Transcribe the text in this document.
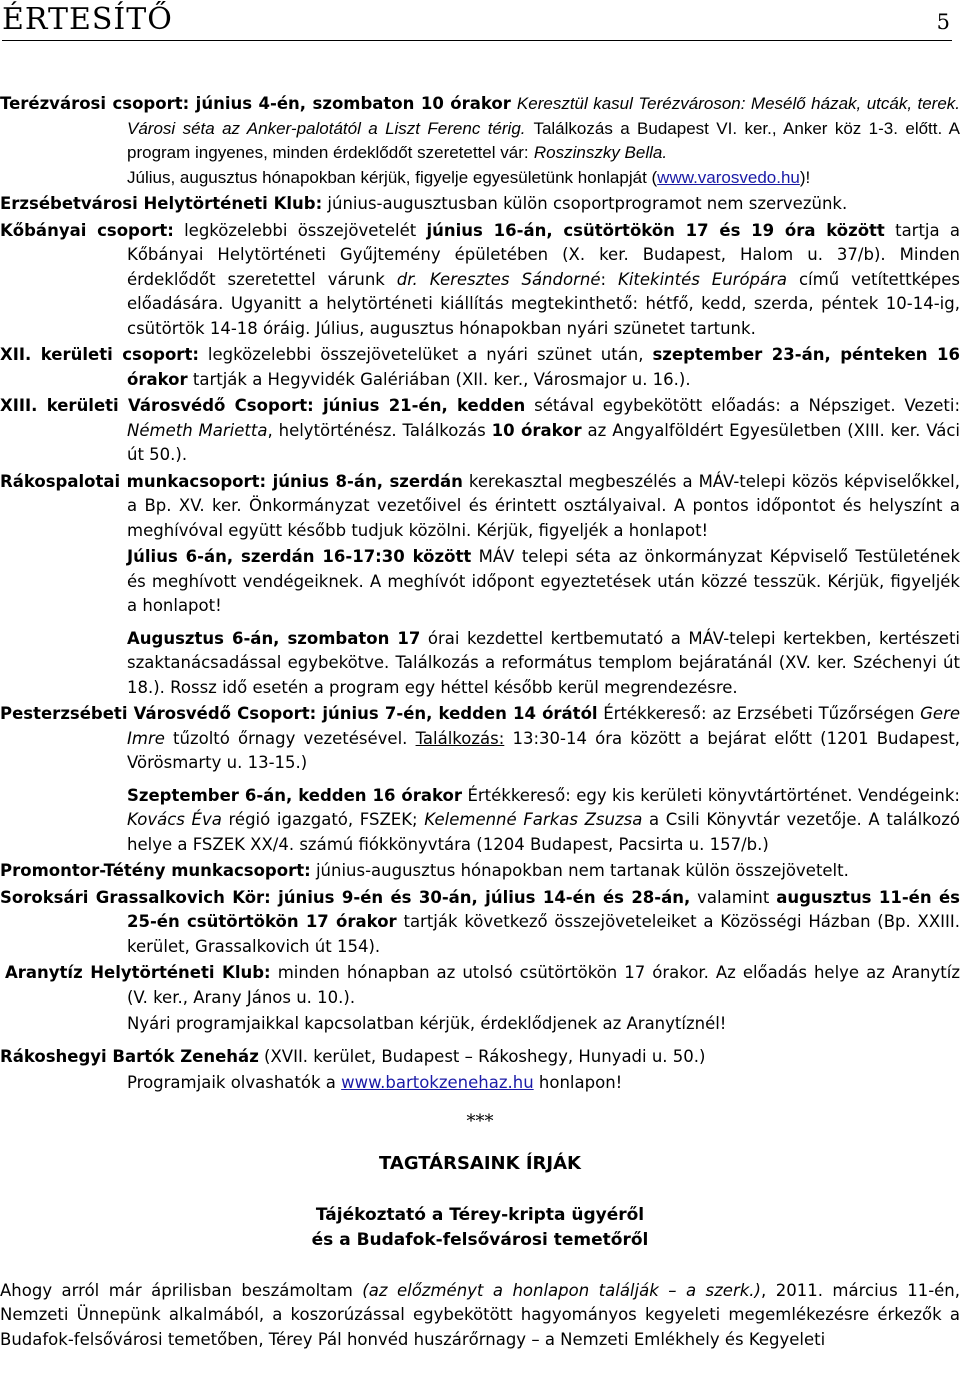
ÉRTESÍTŐ	5

Terézvárosi csoport: június 4-én, szombaton 10 órakor Keresztül kasul Terézvároson: Mesélő házak, utcák, terek. Városi séta az Anker-palotától a Liszt Ferenc térig. Találkozás a Budapest VI. ker., Anker köz 1-3. előtt. A program ingyenes, minden érdeklődőt szeretettel vár: Roszinszky Bella.
Július, augusztus hónapokban kérjük, figyelje egyesületünk honlapját (www.varosvedo.hu)!

Erzsébetvárosi Helytörténeti Klub: június-augusztusban külön csoportprogramot nem szervezünk.

Kőbányai csoport: legközelebbi összejövetelét június 16-án, csütörtökön 17 és 19 óra között tartja a Kőbányai Helytörténeti Gyűjtemény épületében (X. ker. Budapest, Halom u. 37/b). Minden érdeklődőt szeretettel várunk dr. Keresztes Sándorné: Kitekintés Európára című vetítettképes előadására. Ugyanitt a helytörténeti kiállítás megtekinthető: hétfő, kedd, szerda, péntek 10-14-ig, csütörtök 14-18 óráig. Július, augusztus hónapokban nyári szünetet tartunk.

XII. kerületi csoport: legközelebbi összejövetelüket a nyári szünet után, szeptember 23-án, pénteken 16 órakor tartják a Hegyvidék Galériában (XII. ker., Városmajor u. 16.).

XIII. kerületi Városvédő Csoport: június 21-én, kedden sétával egybekötött előadás: a Népsziget. Vezeti: Németh Marietta, helytörténész. Találkozás 10 órakor az Angyalföldért Egyesületben (XIII. ker. Váci út 50.).

Rákospalotai munkacsoport: június 8-án, szerdán kerekasztal megbeszélés a MÁV-telepi közös képviselőkkel, a Bp. XV. ker. Önkormányzat vezetőivel és érintett osztályaival. A pontos időpontot és helyszínt a meghívóval együtt később tudjuk közölni. Kérjük, figyeljék a honlapot!

Július 6-án, szerdán 16-17:30 között MÁV telepi séta az önkormányzat Képviselő Testületének és meghívott vendégeiknek. A meghívót időpont egyeztetések után közzé tesszük. Kérjük, figyeljék a honlapot!

Augusztus 6-án, szombaton 17 órai kezdettel kertbemutató a MÁV-telepi kertekben, kertészeti szaktanácsadással egybekötve. Találkozás a református templom bejáratánál (XV. ker. Széchenyi út 18.). Rossz idő esetén a program egy héttel később kerül megrendezésre.

Pesterzsébeti Városvédő Csoport: június 7-én, kedden 14 órától Értékkereső: az Erzsébeti Tűzőrségen Gere Imre tűzoltó őrnagy vezetésével. Találkozás: 13:30-14 óra között a bejárat előtt (1201 Budapest, Vörösmarty u. 13-15.)

Szeptember 6-án, kedden 16 órakor Értékkereső: egy kis kerületi könyvtártörténet. Vendégeink: Kovács Éva régió igazgató, FSZEK; Kelemenné Farkas Zsuzsa a Csili Könyvtár vezetője. A találkozó helye a FSZEK XX/4. számú fiókkönyvtára (1204 Budapest, Pacsirta u. 157/b.)

Promontor-Tétény munkacsoport: június-augusztus hónapokban nem tartanak külön összejövetelt.

Soroksári Grassalkovich Kör: június 9-én és 30-án, július 14-én és 28-án, valamint augusztus 11-én és 25-én csütörtökön 17 órakor tartják következő összejöveteleiket a Közösségi Házban (Bp. XXIII. kerület, Grassalkovich út 154).

Aranytíz Helytörténeti Klub: minden hónapban az utolsó csütörtökön 17 órakor. Az előadás helye az Aranytíz (V. ker., Arany János u. 10.).

Nyári programjaikkal kapcsolatban kérjük, érdeklődjenek az Aranytíznél!

Rákoshegyi Bartók Zeneház (XVII. kerület, Budapest – Rákoshegy, Hunyadi u. 50.)

Programjaik olvashatók a www.bartokzenehaz.hu honlapon!

***
TAGTÁRSAINK ÍRJÁK
Tájékoztató a Térey-kripta ügyéről
és a Budafok-felsővárosi temetőről

Ahogy arról már áprilisban beszámoltam (az előzményt a honlapon találják – a szerk.), 2011. március 11-én, Nemzeti Ünnepünk alkalmából, a koszorúzással egybekötött hagyományos kegyeleti megemlékezésre érkezők a Budafok-felsővárosi temetőben, Térey Pál honvéd huszárőrnagy – a Nemzeti Emlékhely és Kegyeleti
